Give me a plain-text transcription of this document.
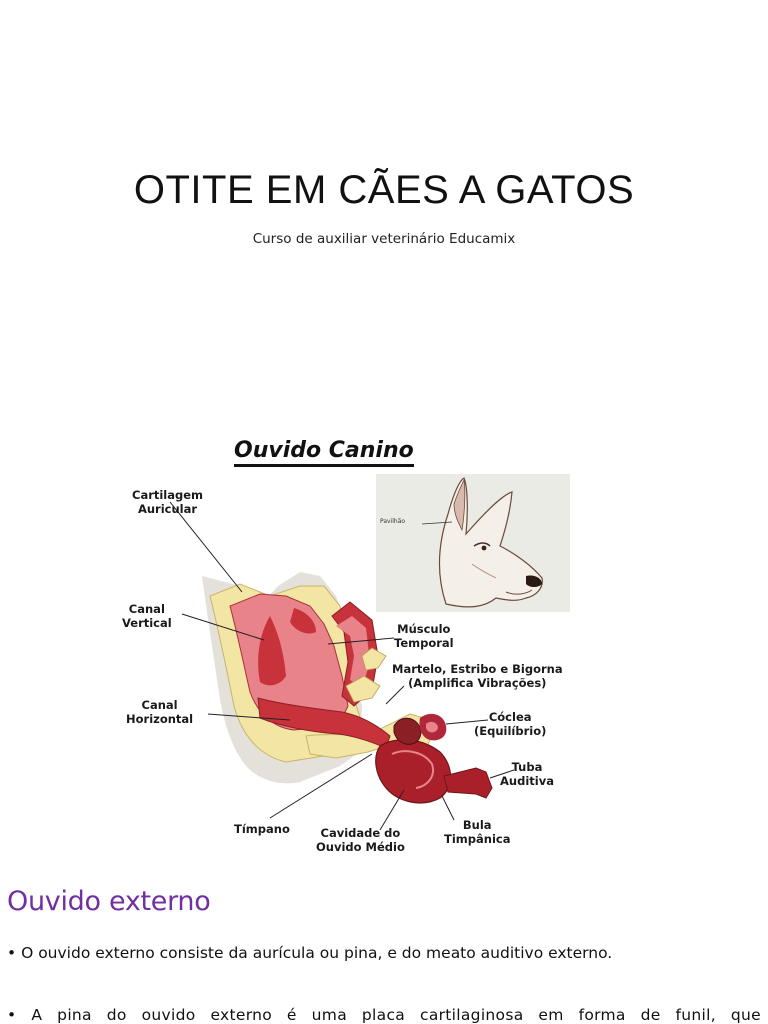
OTITE EM CÃES A GATOS
Curso de auxiliar veterinário Educamix
Ouvido Canino
Pavilhão
Cartilagem
Auricular
Canal
Vertical	Músculo
Temporal
Martelo, Estribo e Bigorna
(Amplifica Vibrações)
Canal
Horizontal	Cóclea
(Equilíbrio)
Tuba
Auditiva
Tímpano	Cavidade do
Ouvido Médio
Bula
Timpânica
Ouvido externo
• O ouvido externo consiste da aurícula ou pina, e do meato auditivo externo.
• A pina do ouvido externo é uma placa cartilaginosa em forma de funil, que
